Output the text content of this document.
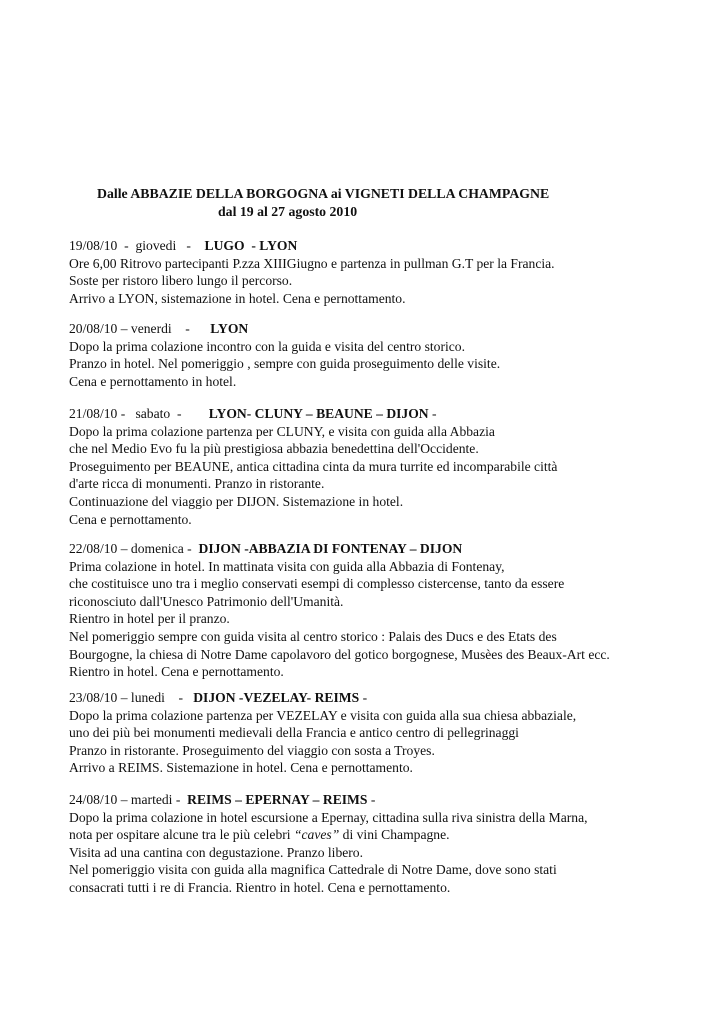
Dalle ABBAZIE DELLA BORGOGNA ai VIGNETI DELLA CHAMPAGNE
dal 19 al 27 agosto 2010
19/08/10  -  giovedi   -    LUGO  - LYON
Ore 6,00 Ritrovo partecipanti P.zza XIIIGiugno e partenza in pullman G.T per la Francia.
Soste per ristoro libero lungo il percorso.
Arrivo a LYON, sistemazione in hotel. Cena e pernottamento.
20/08/10 – venerdi    -      LYON
Dopo la prima colazione incontro con la guida e visita del centro storico.
Pranzo in hotel. Nel pomeriggio , sempre con guida proseguimento delle visite.
Cena e pernottamento in hotel.
21/08/10 -   sabato  -        LYON- CLUNY – BEAUNE – DIJON -
Dopo la prima colazione partenza per CLUNY, e visita con guida alla Abbazia
che nel Medio Evo fu la più prestigiosa abbazia benedettina dell'Occidente.
Proseguimento per BEAUNE, antica cittadina cinta da mura turrite ed incomparabile città
d'arte ricca di monumenti. Pranzo in ristorante.
Continuazione del viaggio per DIJON. Sistemazione in hotel.
Cena e pernottamento.
22/08/10 – domenica -  DIJON -ABBAZIA DI FONTENAY – DIJON
Prima colazione in hotel. In mattinata visita con guida alla Abbazia di Fontenay,
che costituisce uno tra i meglio conservati esempi di complesso cistercense, tanto da essere
riconosciuto dall'Unesco Patrimonio dell'Umanità.
Rientro in hotel per il pranzo.
Nel pomeriggio sempre con guida visita al centro storico : Palais des Ducs e des Etats des
Bourgogne, la chiesa di Notre Dame capolavoro del gotico borgognese, Musèes des Beaux-Art ecc.
Rientro in hotel. Cena e pernottamento.
23/08/10 – lunedi    -   DIJON -VEZELAY- REIMS -
Dopo la prima colazione partenza per VEZELAY e visita con guida alla sua chiesa abbaziale,
uno dei più bei monumenti medievali della Francia e antico centro di pellegrinaggi
Pranzo in ristorante. Proseguimento del viaggio con sosta a Troyes.
Arrivo a REIMS. Sistemazione in hotel. Cena e pernottamento.
24/08/10 – martedi -  REIMS – EPERNAY – REIMS -
Dopo la prima colazione in hotel escursione a Epernay, cittadina sulla riva sinistra della Marna,
nota per ospitare alcune tra le più celebri “caves” di vini Champagne.
Visita ad una cantina con degustazione. Pranzo libero.
Nel pomeriggio visita con guida alla magnifica Cattedrale di Notre Dame, dove sono stati
consacrati tutti i re di Francia. Rientro in hotel. Cena e pernottamento.
